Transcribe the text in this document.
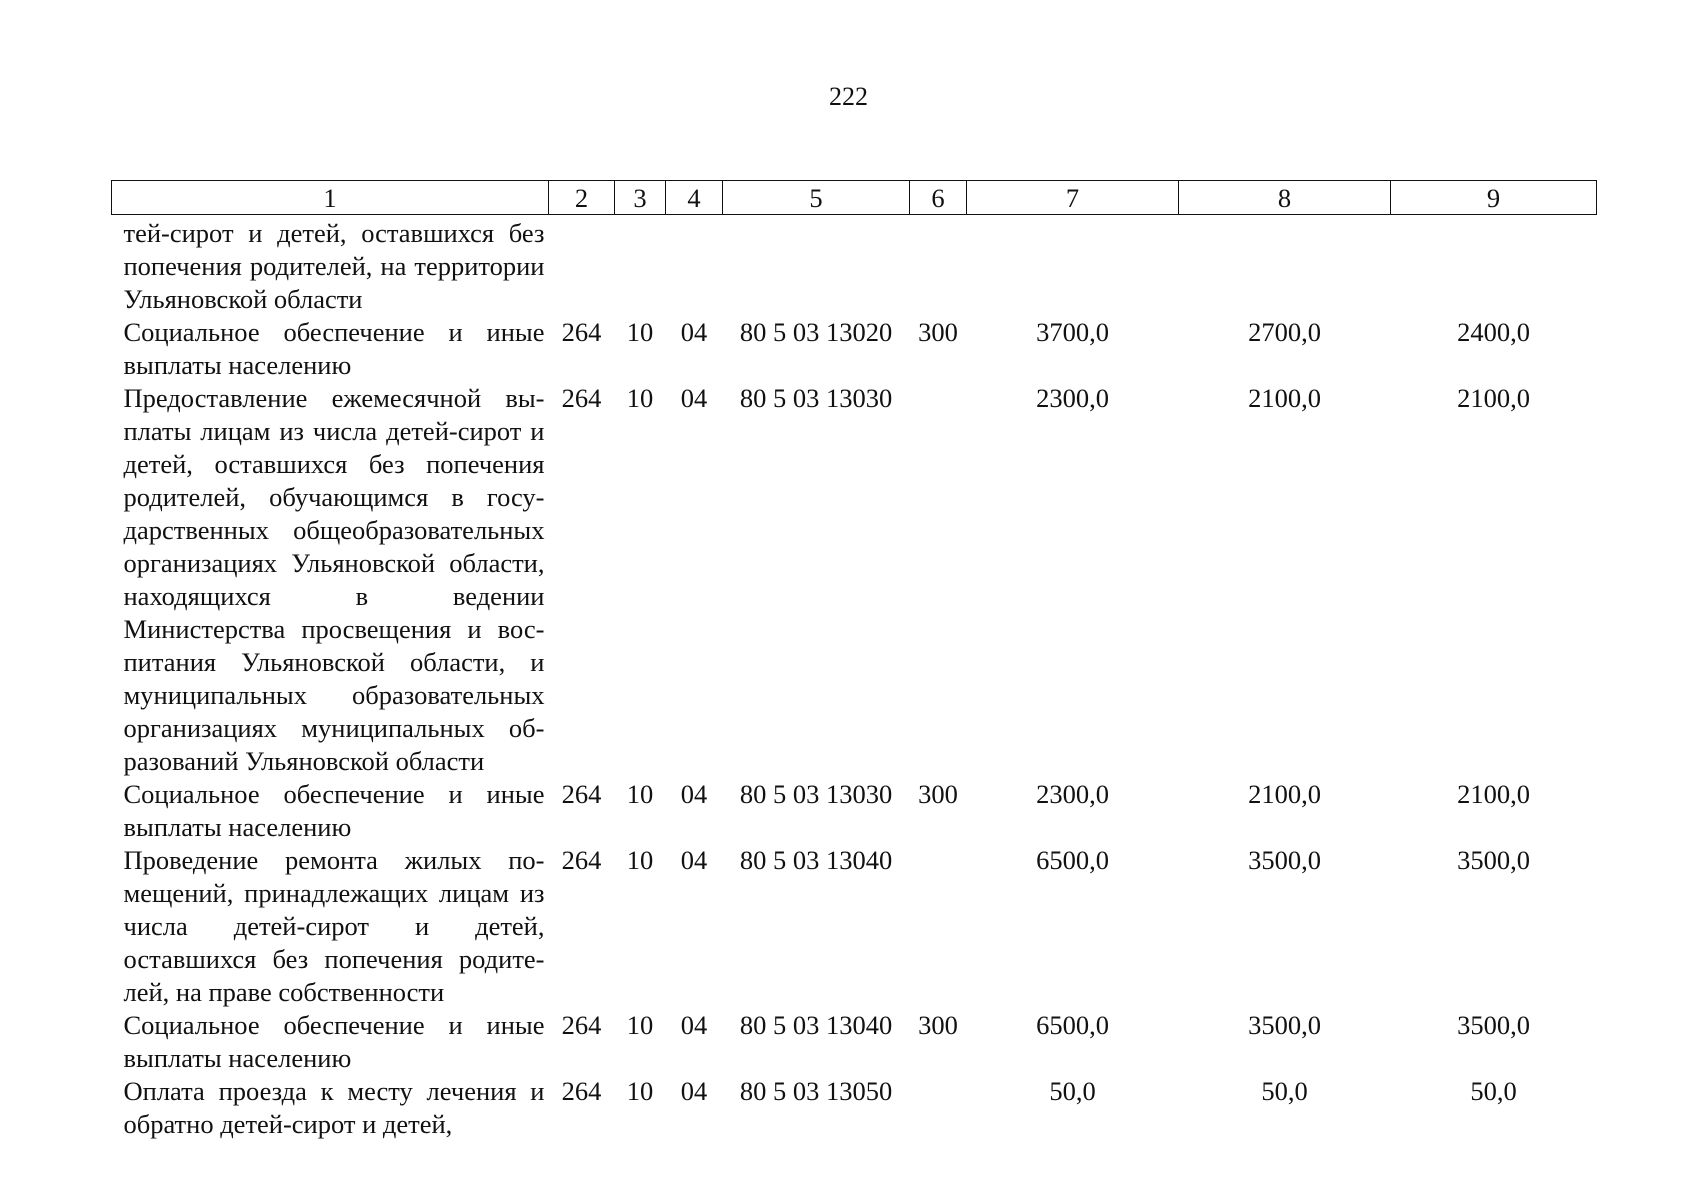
222
1	2	3	4	5	6	7	8	9
тей-сирот и детей, оставшихся без попечения родителей, на территории Ульяновской области								
Социальное обеспечение и иные выплаты населению	264	10	04	80 5 03 13020	300	3700,0	2700,0	2400,0
Предоставление ежемесячной выплаты лицам из числа детей-сирот и детей, оставшихся без попечения родителей, обучающимся в государственных общеобразовательных организациях Ульяновской области, находящихся в ведении Министерства просвещения и воспитания Ульяновской области, и муниципальных образовательных организациях муниципальных образований Ульяновской области	264	10	04	80 5 03 13030		2300,0	2100,0	2100,0
Социальное обеспечение и иные выплаты населению	264	10	04	80 5 03 13030	300	2300,0	2100,0	2100,0
Проведение ремонта жилых помещений, принадлежащих лицам из числа детей-сирот и детей, оставшихся без попечения родителей, на праве собственности	264	10	04	80 5 03 13040		6500,0	3500,0	3500,0
Социальное обеспечение и иные выплаты населению	264	10	04	80 5 03 13040	300	6500,0	3500,0	3500,0
Оплата проезда к месту лечения и обратно детей-сирот и детей,	264	10	04	80 5 03 13050		50,0	50,0	50,0
